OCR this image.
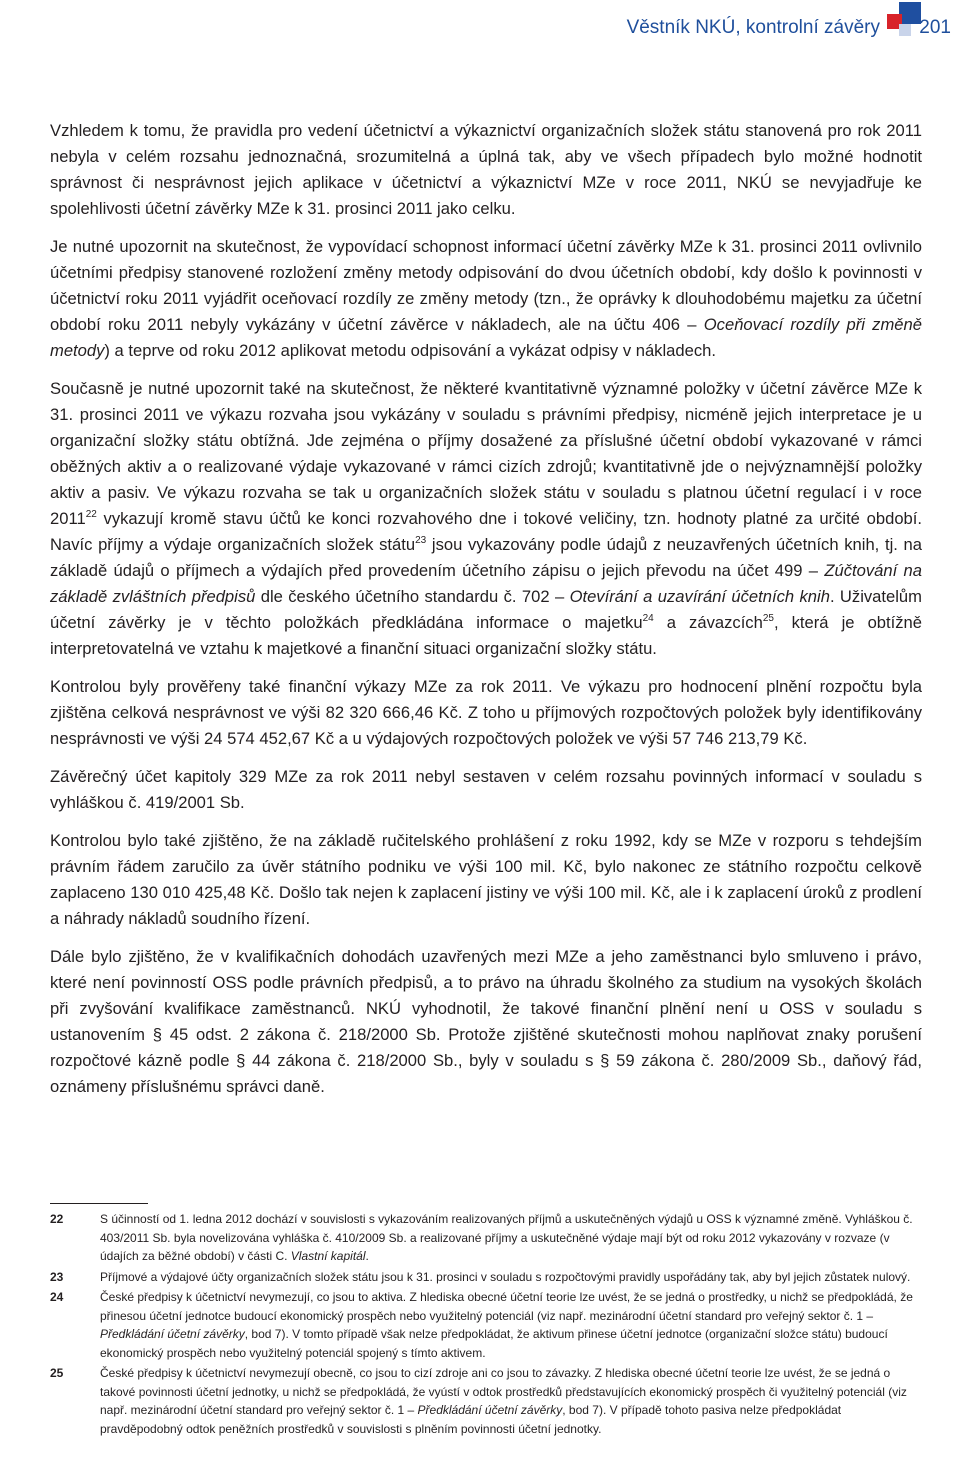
Věstník NKÚ, kontrolní závěry 201

Vzhledem k tomu, že pravidla pro vedení účetnictví a výkaznictví organizačních složek státu stanovená pro rok 2011 nebyla v celém rozsahu jednoznačná, srozumitelná a úplná tak, aby ve všech případech bylo možné hodnotit správnost či nesprávnost jejich aplikace v účetnictví a výkaznictví MZe v roce 2011, NKÚ se nevyjadřuje ke spolehlivosti účetní závěrky MZe k 31. prosinci 2011 jako celku.

Je nutné upozornit na skutečnost, že vypovídací schopnost informací účetní závěrky MZe k 31. prosinci 2011 ovlivnilo účetními předpisy stanovené rozložení změny metody odpisování do dvou účetních období, kdy došlo k povinnosti v účetnictví roku 2011 vyjádřit oceňovací rozdíly ze změny metody (tzn., že oprávky k dlouhodobému majetku za účetní období roku 2011 nebyly vykázány v účetní závěrce v nákladech, ale na účtu 406 – Oceňovací rozdíly při změně metody) a teprve od roku 2012 aplikovat metodu odpisování a vykázat odpisy v nákladech.

Současně je nutné upozornit také na skutečnost, že některé kvantitativně významné položky v účetní závěrce MZe k 31. prosinci 2011 ve výkazu rozvaha jsou vykázány v souladu s právními předpisy, nicméně jejich interpretace je u organizační složky státu obtížná. Jde zejména o příjmy dosažené za příslušné účetní období vykazované v rámci oběžných aktiv a o realizované výdaje vykazované v rámci cizích zdrojů; kvantitativně jde o nejvýznamnější položky aktiv a pasiv. Ve výkazu rozvaha se tak u organizačních složek státu v souladu s platnou účetní regulací i v roce 2011$^{22}$ vykazují kromě stavu účtů ke konci rozvahového dne i tokové veličiny, tzn. hodnoty platné za určité období. Navíc příjmy a výdaje organizačních složek státu$^{23}$ jsou vykazovány podle údajů z neuzavřených účetních knih, tj. na základě údajů o příjmech a výdajích před provedením účetního zápisu o jejich převodu na účet 499 – Zúčtování na základě zvláštních předpisů dle českého účetního standardu č. 702 – Otevírání a uzavírání účetních knih. Uživatelům účetní závěrky je v těchto položkách předkládána informace o majetku$^{24}$ a závazcích$^{25}$, která je obtížně interpretovatelná ve vztahu k majetkové a finanční situaci organizační složky státu.

Kontrolou byly prověřeny také finanční výkazy MZe za rok 2011. Ve výkazu pro hodnocení plnění rozpočtu byla zjištěna celková nesprávnost ve výši 82 320 666,46 Kč. Z toho u příjmových rozpočtových položek byly identifikovány nesprávnosti ve výši 24 574 452,67 Kč a u výdajových rozpočtových položek ve výši 57 746 213,79 Kč.

Závěrečný účet kapitoly 329 MZe za rok 2011 nebyl sestaven v celém rozsahu povinných informací v souladu s vyhláškou č. 419/2001 Sb.

Kontrolou bylo také zjištěno, že na základě ručitelského prohlášení z roku 1992, kdy se MZe v rozporu s tehdejším právním řádem zaručilo za úvěr státního podniku ve výši 100 mil. Kč, bylo nakonec ze státního rozpočtu celkově zaplaceno 130 010 425,48 Kč. Došlo tak nejen k zaplacení jistiny ve výši 100 mil. Kč, ale i k zaplacení úroků z prodlení a náhrady nákladů soudního řízení.

Dále bylo zjištěno, že v kvalifikačních dohodách uzavřených mezi MZe a jeho zaměstnanci bylo smluveno i právo, které není povinností OSS podle právních předpisů, a to právo na úhradu školného za studium na vysokých školách při zvyšování kvalifikace zaměstnanců. NKÚ vyhodnotil, že takové finanční plnění není u OSS v souladu s ustanovením § 45 odst. 2 zákona č. 218/2000 Sb. Protože zjištěné skutečnosti mohou naplňovat znaky porušení rozpočtové kázně podle § 44 zákona č. 218/2000 Sb., byly v souladu s § 59 zákona č. 280/2009 Sb., daňový řád, oznámeny příslušnému správci daně.

22	S účinností od 1. ledna 2012 dochází v souvislosti s vykazováním realizovaných příjmů a uskutečněných výdajů u OSS k významné změně. Vyhláškou č. 403/2011 Sb. byla novelizována vyhláška č. 410/2009 Sb. a realizované příjmy a uskutečněné výdaje mají být od roku 2012 vykazovány v rozvaze (v údajích za běžné období) v části C. Vlastní kapitál.
23	Příjmové a výdajové účty organizačních složek státu jsou k 31. prosinci v souladu s rozpočtovými pravidly uspořádány tak, aby byl jejich zůstatek nulový.
24	České předpisy k účetnictví nevymezují, co jsou to aktiva. Z hlediska obecné účetní teorie lze uvést, že se jedná o prostředky, u nichž se předpokládá, že přinesou účetní jednotce budoucí ekonomický prospěch nebo využitelný potenciál (viz např. mezinárodní účetní standard pro veřejný sektor č. 1 – Předkládání účetní závěrky, bod 7). V tomto případě však nelze předpokládat, že aktivum přinese účetní jednotce (organizační složce státu) budoucí ekonomický prospěch nebo využitelný potenciál spojený s tímto aktivem.
25	České předpisy k účetnictví nevymezují obecně, co jsou to cizí zdroje ani co jsou to závazky. Z hlediska obecné účetní teorie lze uvést, že se jedná o takové povinnosti účetní jednotky, u nichž se předpokládá, že vyústí v odtok prostředků představujících ekonomický prospěch či využitelný potenciál (viz např. mezinárodní účetní standard pro veřejný sektor č. 1 – Předkládání účetní závěrky, bod 7). V případě tohoto pasiva nelze předpokládat pravděpodobný odtok peněžních prostředků v souvislosti s plněním povinnosti účetní jednotky.
